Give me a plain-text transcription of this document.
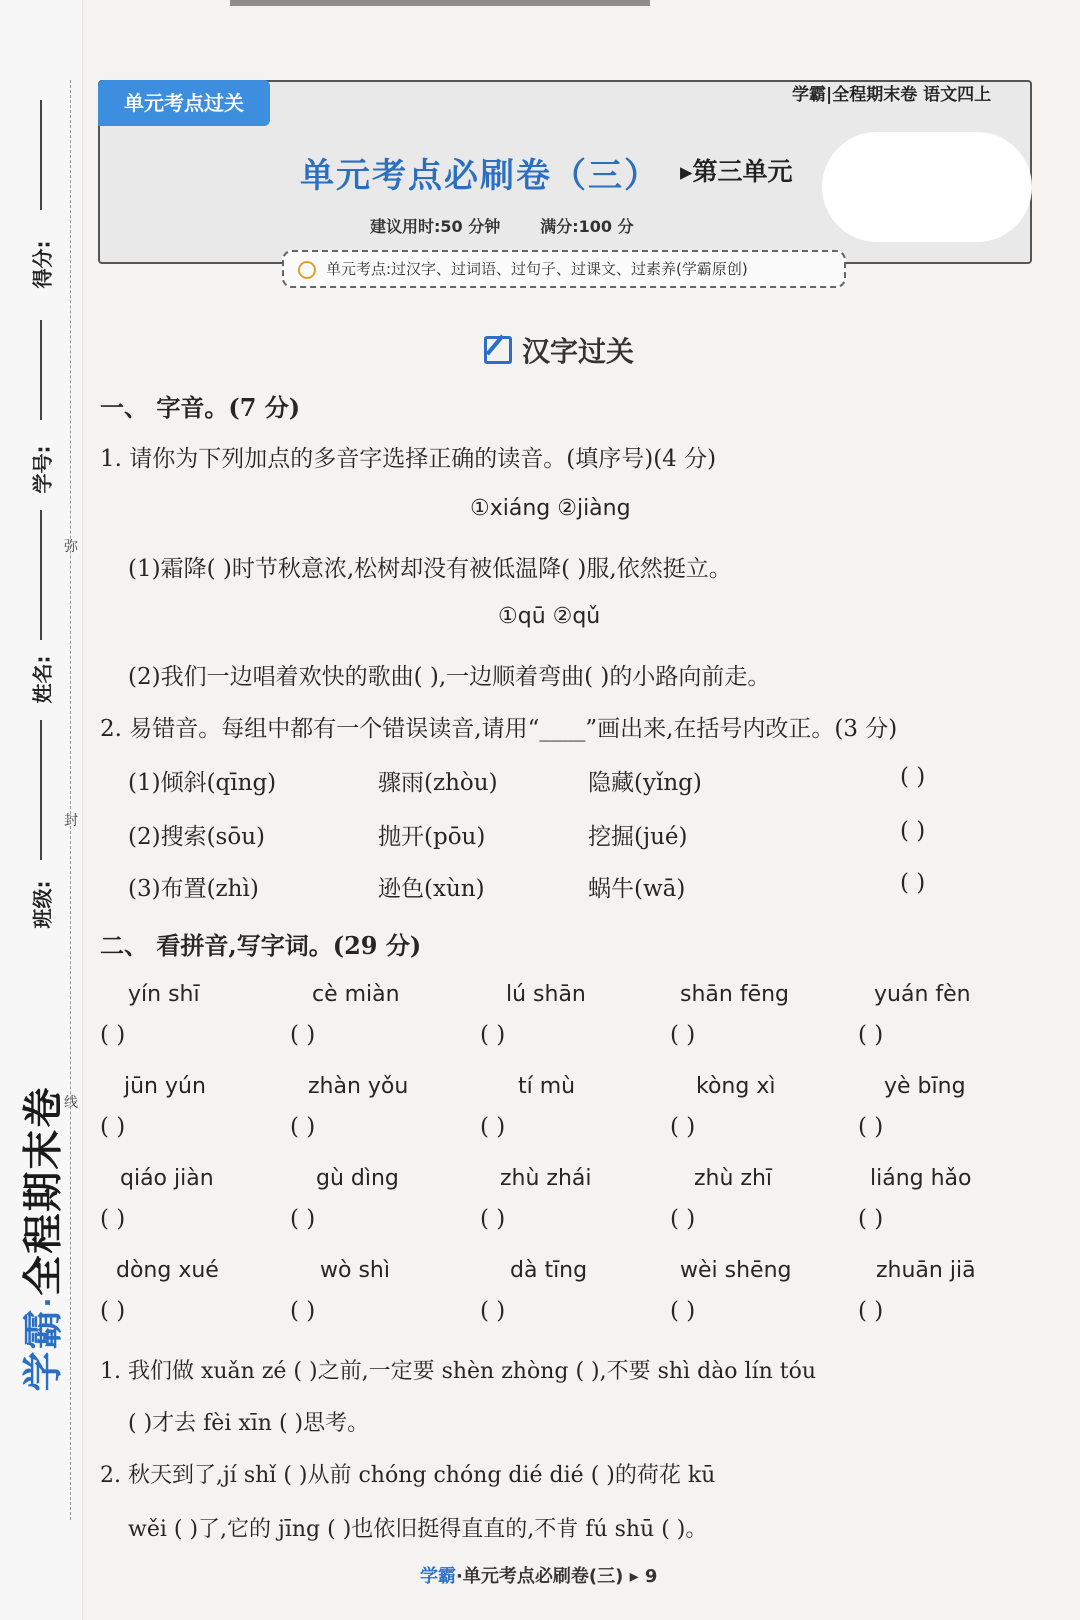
得分:
学号:
姓名:
班级:
弥
封
线
学霸·全程期末卷
单元考点过关	学霸|全程期末卷 语文四上
单元考点必刷卷（三） ▸第三单元
建议用时:50 分钟	满分:100 分
单元考点:过汉字、过词语、过句子、过课文、过素养(学霸原创)
汉字过关
一、 字音。(7 分)
1. 请你为下列加点的多音字选择正确的读音。(填序号)(4 分)
①xiáng ②jiàng
(1)霜降( )时节秋意浓,松树却没有被低温降( )服,依然挺立。
①qū ②qǔ
(2)我们一边唱着欢快的歌曲( ),一边顺着弯曲( )的小路向前走。
2. 易错音。每组中都有一个错误读音,请用“____”画出来,在括号内改正。(3 分)
(1)倾斜(qīng)	骤雨(zhòu)	隐藏(yǐng)	( )
(2)搜索(sōu)	抛开(pōu)	挖掘(jué)	( )
(3)布置(zhì)	逊色(xùn)	蜗牛(wā)	( )
二、 看拼音,写字词。(29 分)
yín shī	cè miàn	lú shān	shān fēng	yuán fèn
( )	( )	( )	( )	( )
jūn yún	zhàn yǒu	tí mù	kòng xì	yè bīng
( )	( )	( )	( )	( )
qiáo jiàn	gù dìng	zhù zhái	zhù zhī	liáng hǎo
( )	( )	( )	( )	( )
dòng xué	wò shì	dà tīng	wèi shēng	zhuān jiā
( )	( )	( )	( )	( )
1. 我们做 xuǎn zé ( )之前,一定要 shèn zhòng ( ),不要 shì dào lín tóu
( )才去 fèi xīn ( )思考。
2. 秋天到了,jí shǐ ( )从前 chóng chóng dié dié ( )的荷花 kū
wěi ( )了,它的 jīng ( )也依旧挺得直直的,不肯 fú shū ( )。
学霸·单元考点必刷卷(三) ▸ 9
